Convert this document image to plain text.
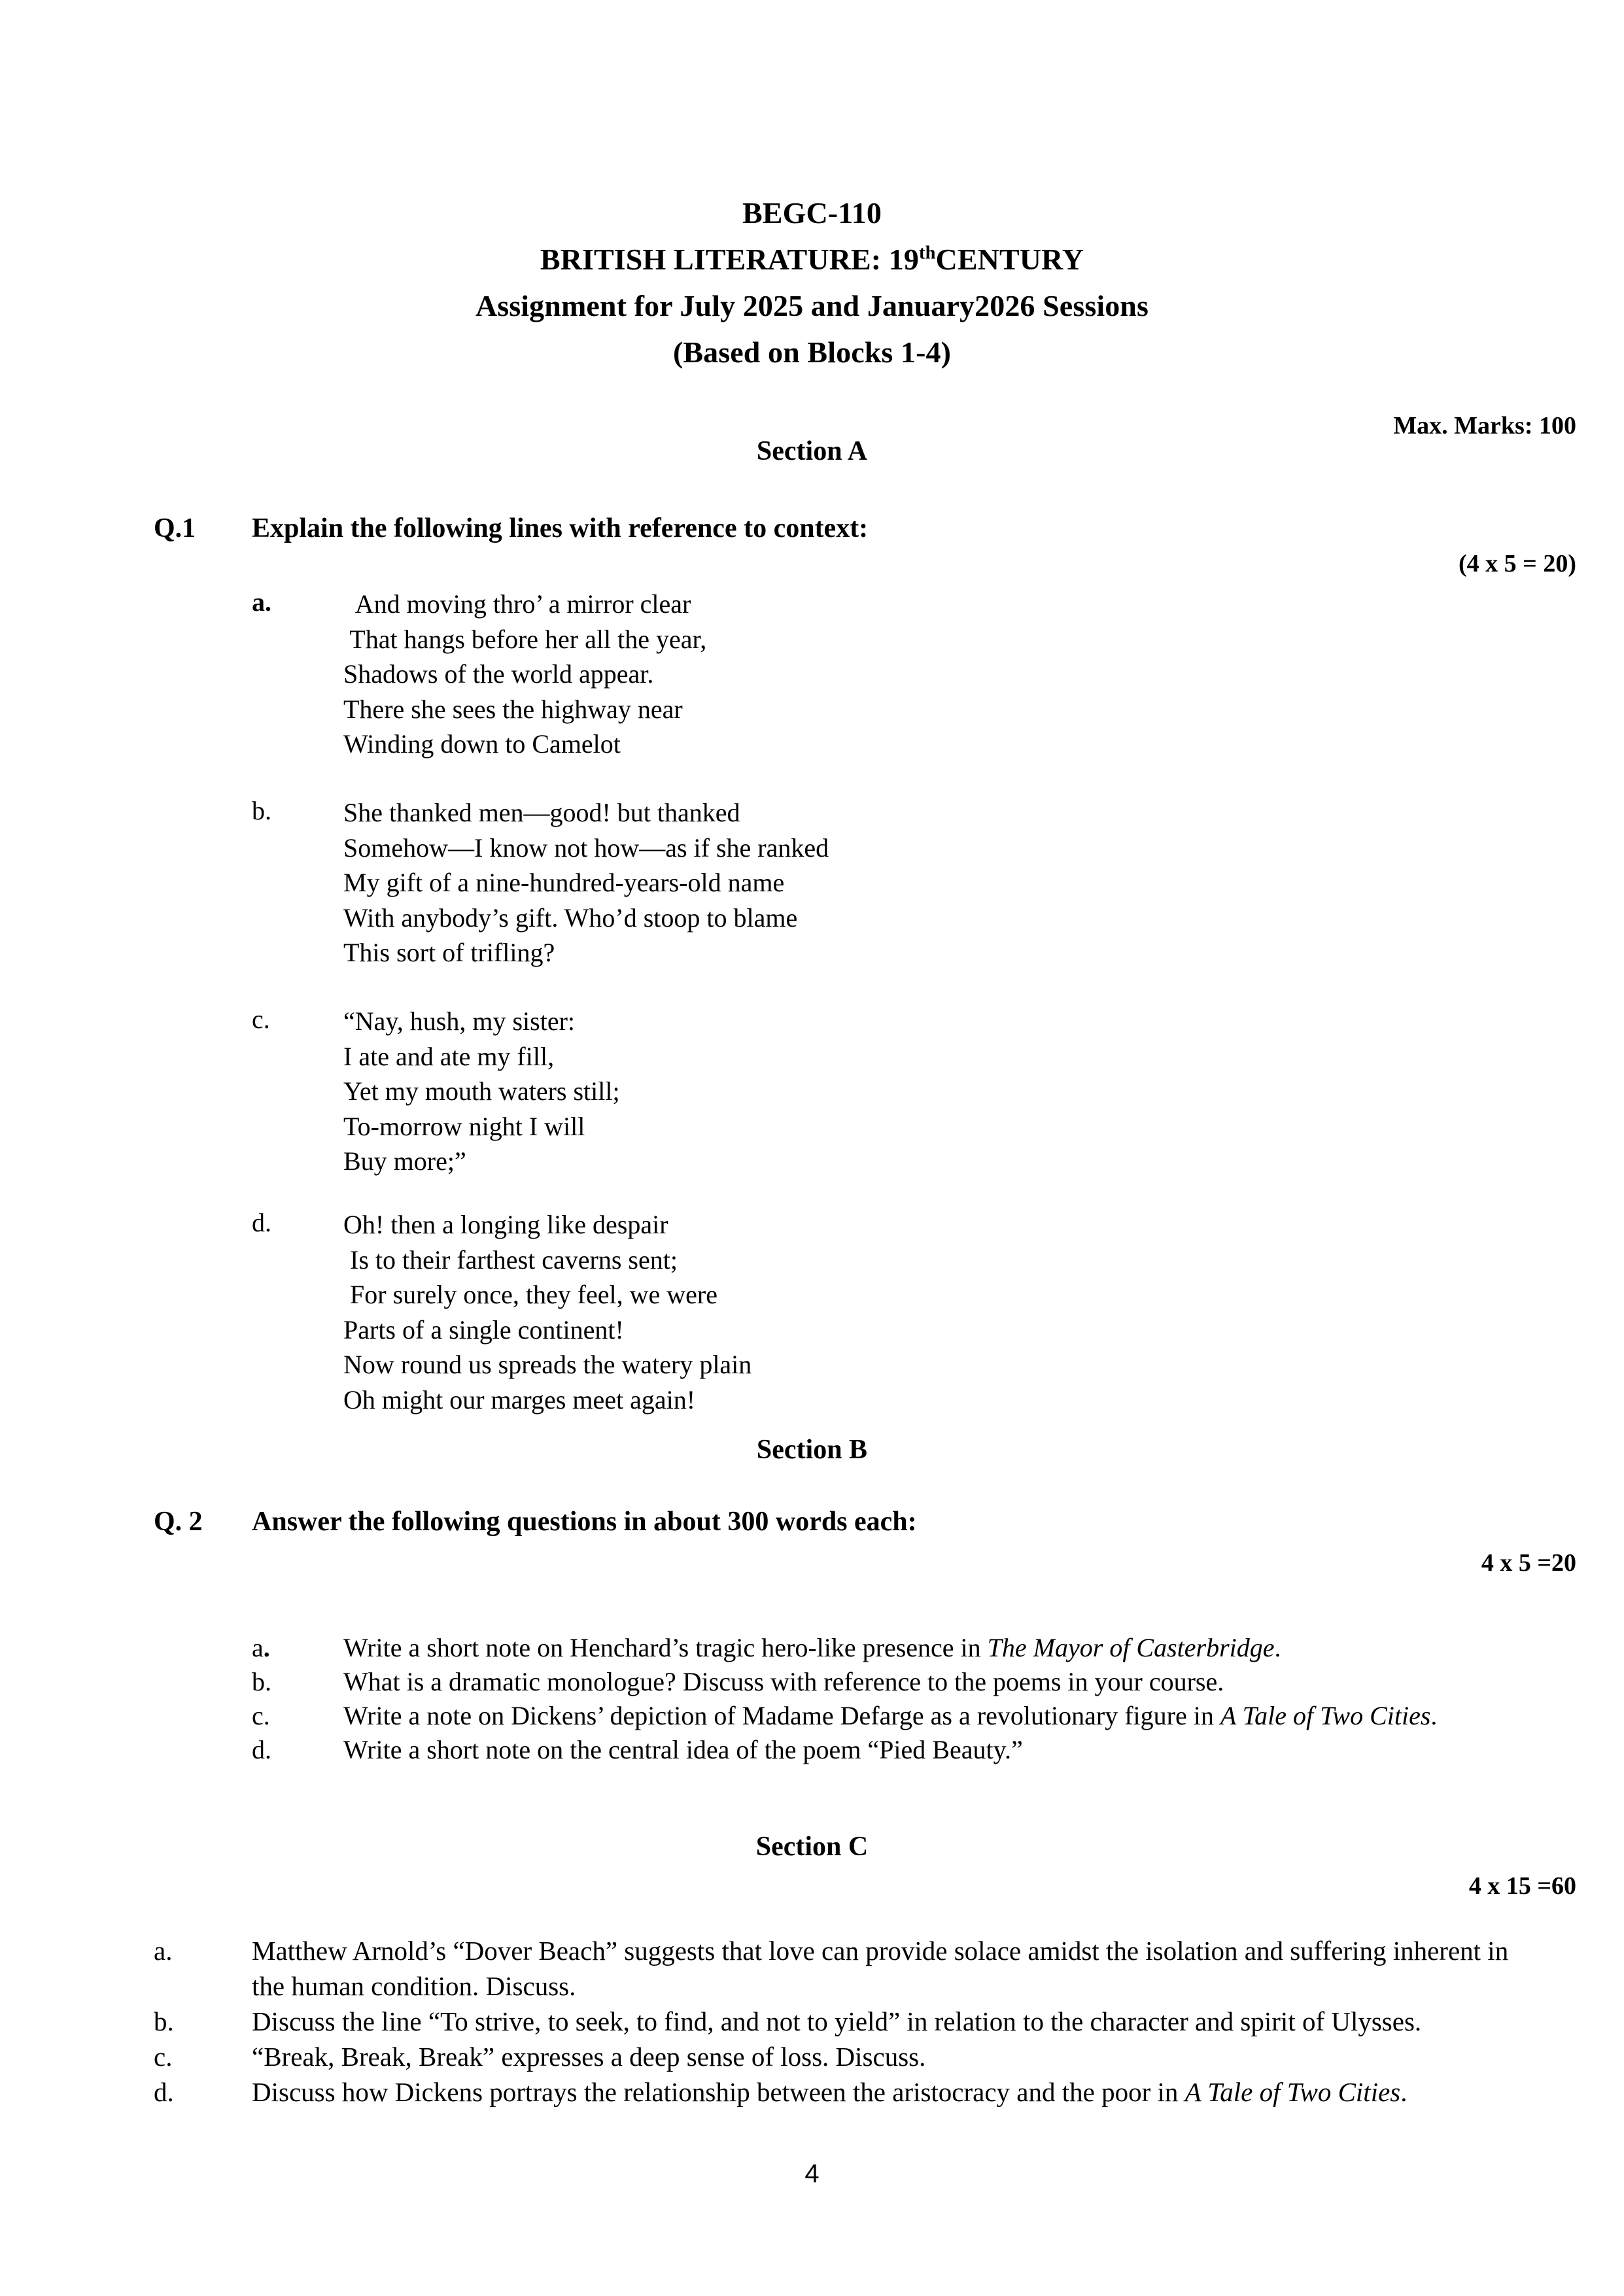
BEGC-110
BRITISH LITERATURE: 19thCENTURY
Assignment for July 2025 and January2026 Sessions
(Based on Blocks 1-4)
Max. Marks: 100
Section A
Q.1 Explain the following lines with reference to context:
(4 x 5 = 20)
a.	And moving thro’ a mirror clear
That hangs before her all the year,
Shadows of the world appear.
There she sees the highway near
Winding down to Camelot
b.	She thanked men—good! but thanked
Somehow—I know not how—as if she ranked
My gift of a nine-hundred-years-old name
With anybody’s gift. Who’d stoop to blame
This sort of trifling?
c.	“Nay, hush, my sister:
I ate and ate my fill,
Yet my mouth waters still;
To-morrow night I will
Buy more;”
d.	Oh! then a longing like despair
Is to their farthest caverns sent;
For surely once, they feel, we were
Parts of a single continent!
Now round us spreads the watery plain
Oh might our marges meet again!
Section B
Q. 2 Answer the following questions in about 300 words each:
4 x 5 =20
a.	Write a short note on Henchard’s tragic hero-like presence in The Mayor of Casterbridge.
b.	What is a dramatic monologue? Discuss with reference to the poems in your course.
c.	Write a note on Dickens’ depiction of Madame Defarge as a revolutionary figure in A Tale of Two Cities.
d.	Write a short note on the central idea of the poem “Pied Beauty.”
Section C
4 x 15 =60
a.	Matthew Arnold’s “Dover Beach” suggests that love can provide solace amidst the isolation and suffering inherent in the human condition. Discuss.
b.	Discuss the line “To strive, to seek, to find, and not to yield” in relation to the character and spirit of Ulysses.
c.	“Break, Break, Break” expresses a deep sense of loss. Discuss.
d.	Discuss how Dickens portrays the relationship between the aristocracy and the poor in A Tale of Two Cities.
4
